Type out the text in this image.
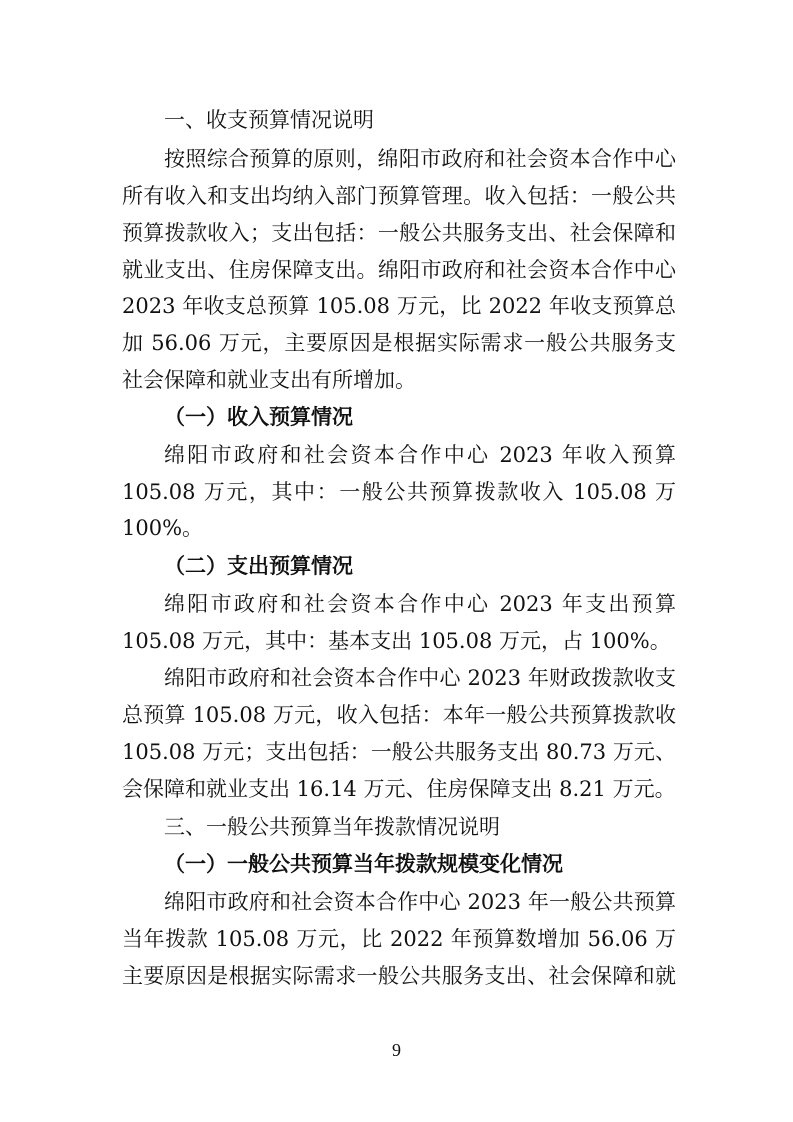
一、收支预算情况说明
按照综合预算的原则，绵阳市政府和社会资本合作中心
所有收入和支出均纳入部门预算管理。收入包括：一般公共
预算拨款收入；支出包括：一般公共服务支出、社会保障和
就业支出、住房保障支出。绵阳市政府和社会资本合作中心
2023 年收支总预算 105.08 万元，比 2022 年收支预算总
加 56.06 万元，主要原因是根据实际需求一般公共服务支
社会保障和就业支出有所增加。
（一）收入预算情况
绵阳市政府和社会资本合作中心 2023 年收入预算
105.08 万元，其中：一般公共预算拨款收入 105.08 万
100%。
（二）支出预算情况
绵阳市政府和社会资本合作中心 2023 年支出预算
105.08 万元，其中：基本支出 105.08 万元，占 100%。
绵阳市政府和社会资本合作中心 2023 年财政拨款收支
总预算 105.08 万元，收入包括：本年一般公共预算拨款收
105.08 万元；支出包括：一般公共服务支出 80.73 万元、
会保障和就业支出 16.14 万元、住房保障支出 8.21 万元。
三、一般公共预算当年拨款情况说明
（一）一般公共预算当年拨款规模变化情况
绵阳市政府和社会资本合作中心 2023 年一般公共预算
当年拨款 105.08 万元，比 2022 年预算数增加 56.06 万
主要原因是根据实际需求一般公共服务支出、社会保障和就
9
